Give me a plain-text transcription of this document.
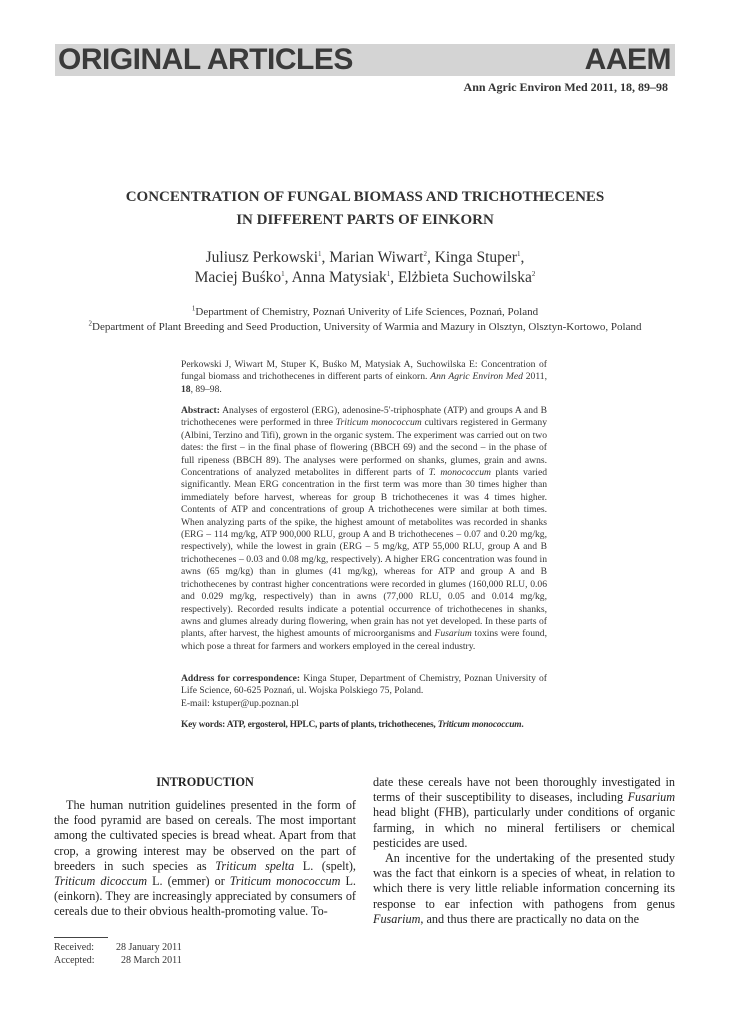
ORIGINAL ARTICLES	AAEM
Ann Agric Environ Med 2011, 18, 89–98
CONCENTRATION OF FUNGAL BIOMASS AND TRICHOTHECENES
IN DIFFERENT PARTS OF EINKORN
Juliusz Perkowski$^1$, Marian Wiwart$^2$, Kinga Stuper$^1$,
Maciej Buśko$^1$, Anna Matysiak$^1$, Elżbieta Suchowilska$^2$
$^1$Department of Chemistry, Poznań Univerity of Life Sciences, Poznań, Poland
$^2$Department of Plant Breeding and Seed Production, University of Warmia and Mazury in Olsztyn, Olsztyn-Kortowo, Poland
Perkowski J, Wiwart M, Stuper K, Buśko M, Matysiak A, Suchowilska E: Concentration of fungal biomass and trichothecenes in different parts of einkorn. Ann Agric Environ Med 2011, 18, 89–98.
Abstract: Analyses of ergosterol (ERG), adenosine-5'-triphosphate (ATP) and groups A and B trichothecenes were performed in three Triticum monococcum cultivars registered in Germany (Albini, Terzino and Tifi), grown in the organic system. The experiment was carried out on two dates: the first – in the final phase of flowering (BBCH 69) and the second – in the phase of full ripeness (BBCH 89). The analyses were performed on shanks, glumes, grain and awns. Concentrations of analyzed metabolites in different parts of T. monococcum plants varied significantly. Mean ERG concentration in the first term was more than 30 times higher than immediately before harvest, whereas for group B trichothecenes it was 4 times higher. Contents of ATP and concentrations of group A trichothecenes were similar at both times. When analyzing parts of the spike, the highest amount of metabolites was recorded in shanks (ERG – 114 mg/kg, ATP 900,000 RLU, group A and B trichothecenes – 0.07 and 0.20 mg/kg, respectively), while the lowest in grain (ERG – 5 mg/kg, ATP 55,000 RLU, group A and B trichothecenes – 0.03 and 0.08 mg/kg, respectively). A higher ERG concentration was found in awns (65 mg/kg) than in glumes (41 mg/kg), whereas for ATP and group A and B trichothecenes by contrast higher concentrations were recorded in glumes (160,000 RLU, 0.06 and 0.029 mg/kg, respectively) than in awns (77,000 RLU, 0.05 and 0.014 mg/kg, respectively). Recorded results indicate a potential occurrence of trichothecenes in shanks, awns and glumes already during flowering, when grain has not yet developed. In these parts of plants, after harvest, the highest amounts of microorganisms and Fusarium toxins were found, which pose a threat for farmers and workers employed in the cereal industry.

Address for correspondence: Kinga Stuper, Department of Chemistry, Poznan University of Life Science, 60-625 Poznań, ul. Wojska Polskiego 75, Poland.

E-mail: kstuper@up.poznan.pl

Key words: ATP, ergosterol, HPLC, parts of plants, trichothecenes, Triticum monococcum.
INTRODUCTION

The human nutrition guidelines presented in the form of the food pyramid are based on cereals. The most important among the cultivated species is bread wheat. Apart from that crop, a growing interest may be observed on the part of breeders in such species as Triticum spelta L. (spelt), Triticum dicoccum L. (emmer) or Triticum monococcum L. (einkorn). They are increasingly appreciated by consumers of cereals due to their obvious health-promoting value. To-

date these cereals have not been thoroughly investigated in terms of their susceptibility to diseases, including Fusarium head blight (FHB), particularly under conditions of organic farming, in which no mineral fertilisers or chemical pesticides are used.

An incentive for the undertaking of the presented study was the fact that einkorn is a species of wheat, in relation to which there is very little reliable information concerning its response to ear infection with pathogens from genus Fusarium, and thus there are practically no data on the

Received: 28 January 2011
Accepted:	28 March 2011
